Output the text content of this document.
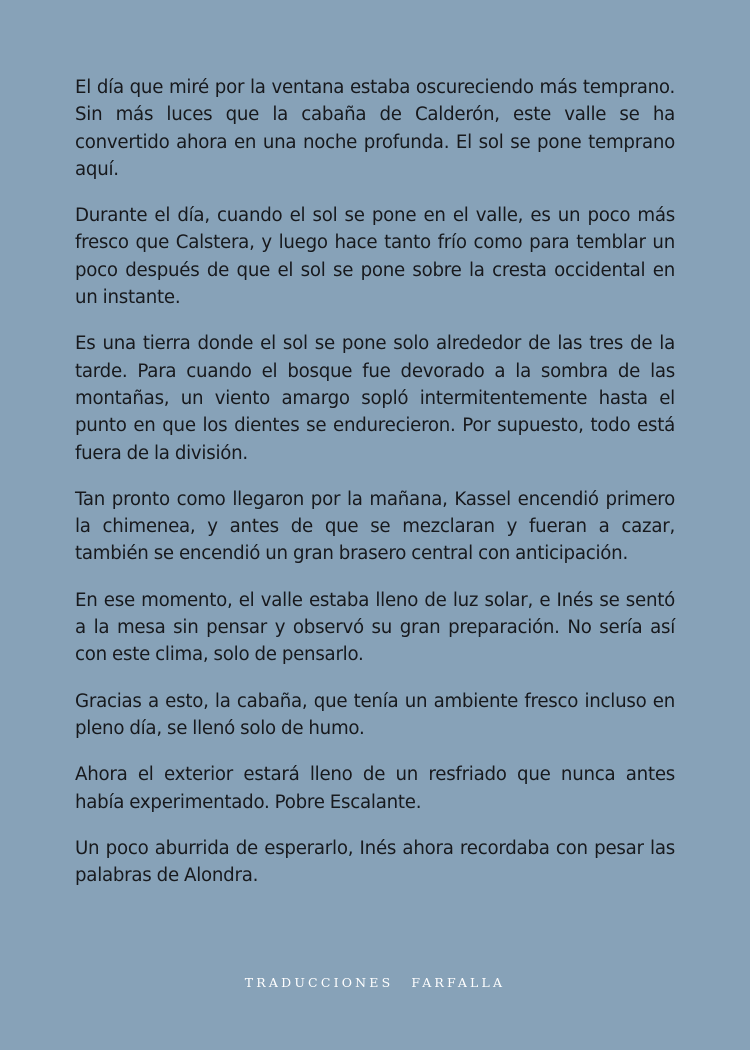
El día que miré por la ventana estaba oscureciendo más temprano. Sin más luces que la cabaña de Calderón, este valle se ha convertido ahora en una noche profunda. El sol se pone temprano aquí.

Durante el día, cuando el sol se pone en el valle, es un poco más fresco que Calstera, y luego hace tanto frío como para temblar un poco después de que el sol se pone sobre la cresta occidental en un instante.

Es una tierra donde el sol se pone solo alrededor de las tres de la tarde. Para cuando el bosque fue devorado a la sombra de las montañas, un viento amargo sopló intermitentemente hasta el punto en que los dientes se endurecieron. Por supuesto, todo está fuera de la división.

Tan pronto como llegaron por la mañana, Kassel encendió primero la chimenea, y antes de que se mezclaran y fueran a cazar, también se encendió un gran brasero central con anticipación.

En ese momento, el valle estaba lleno de luz solar, e Inés se sentó a la mesa sin pensar y observó su gran preparación. No sería así con este clima, solo de pensarlo.

Gracias a esto, la cabaña, que tenía un ambiente fresco incluso en pleno día, se llenó solo de humo.

Ahora el exterior estará lleno de un resfriado que nunca antes había experimentado. Pobre Escalante.

Un poco aburrida de esperarlo, Inés ahora recordaba con pesar las palabras de Alondra.

TRADUCCIONES FARFALLA
